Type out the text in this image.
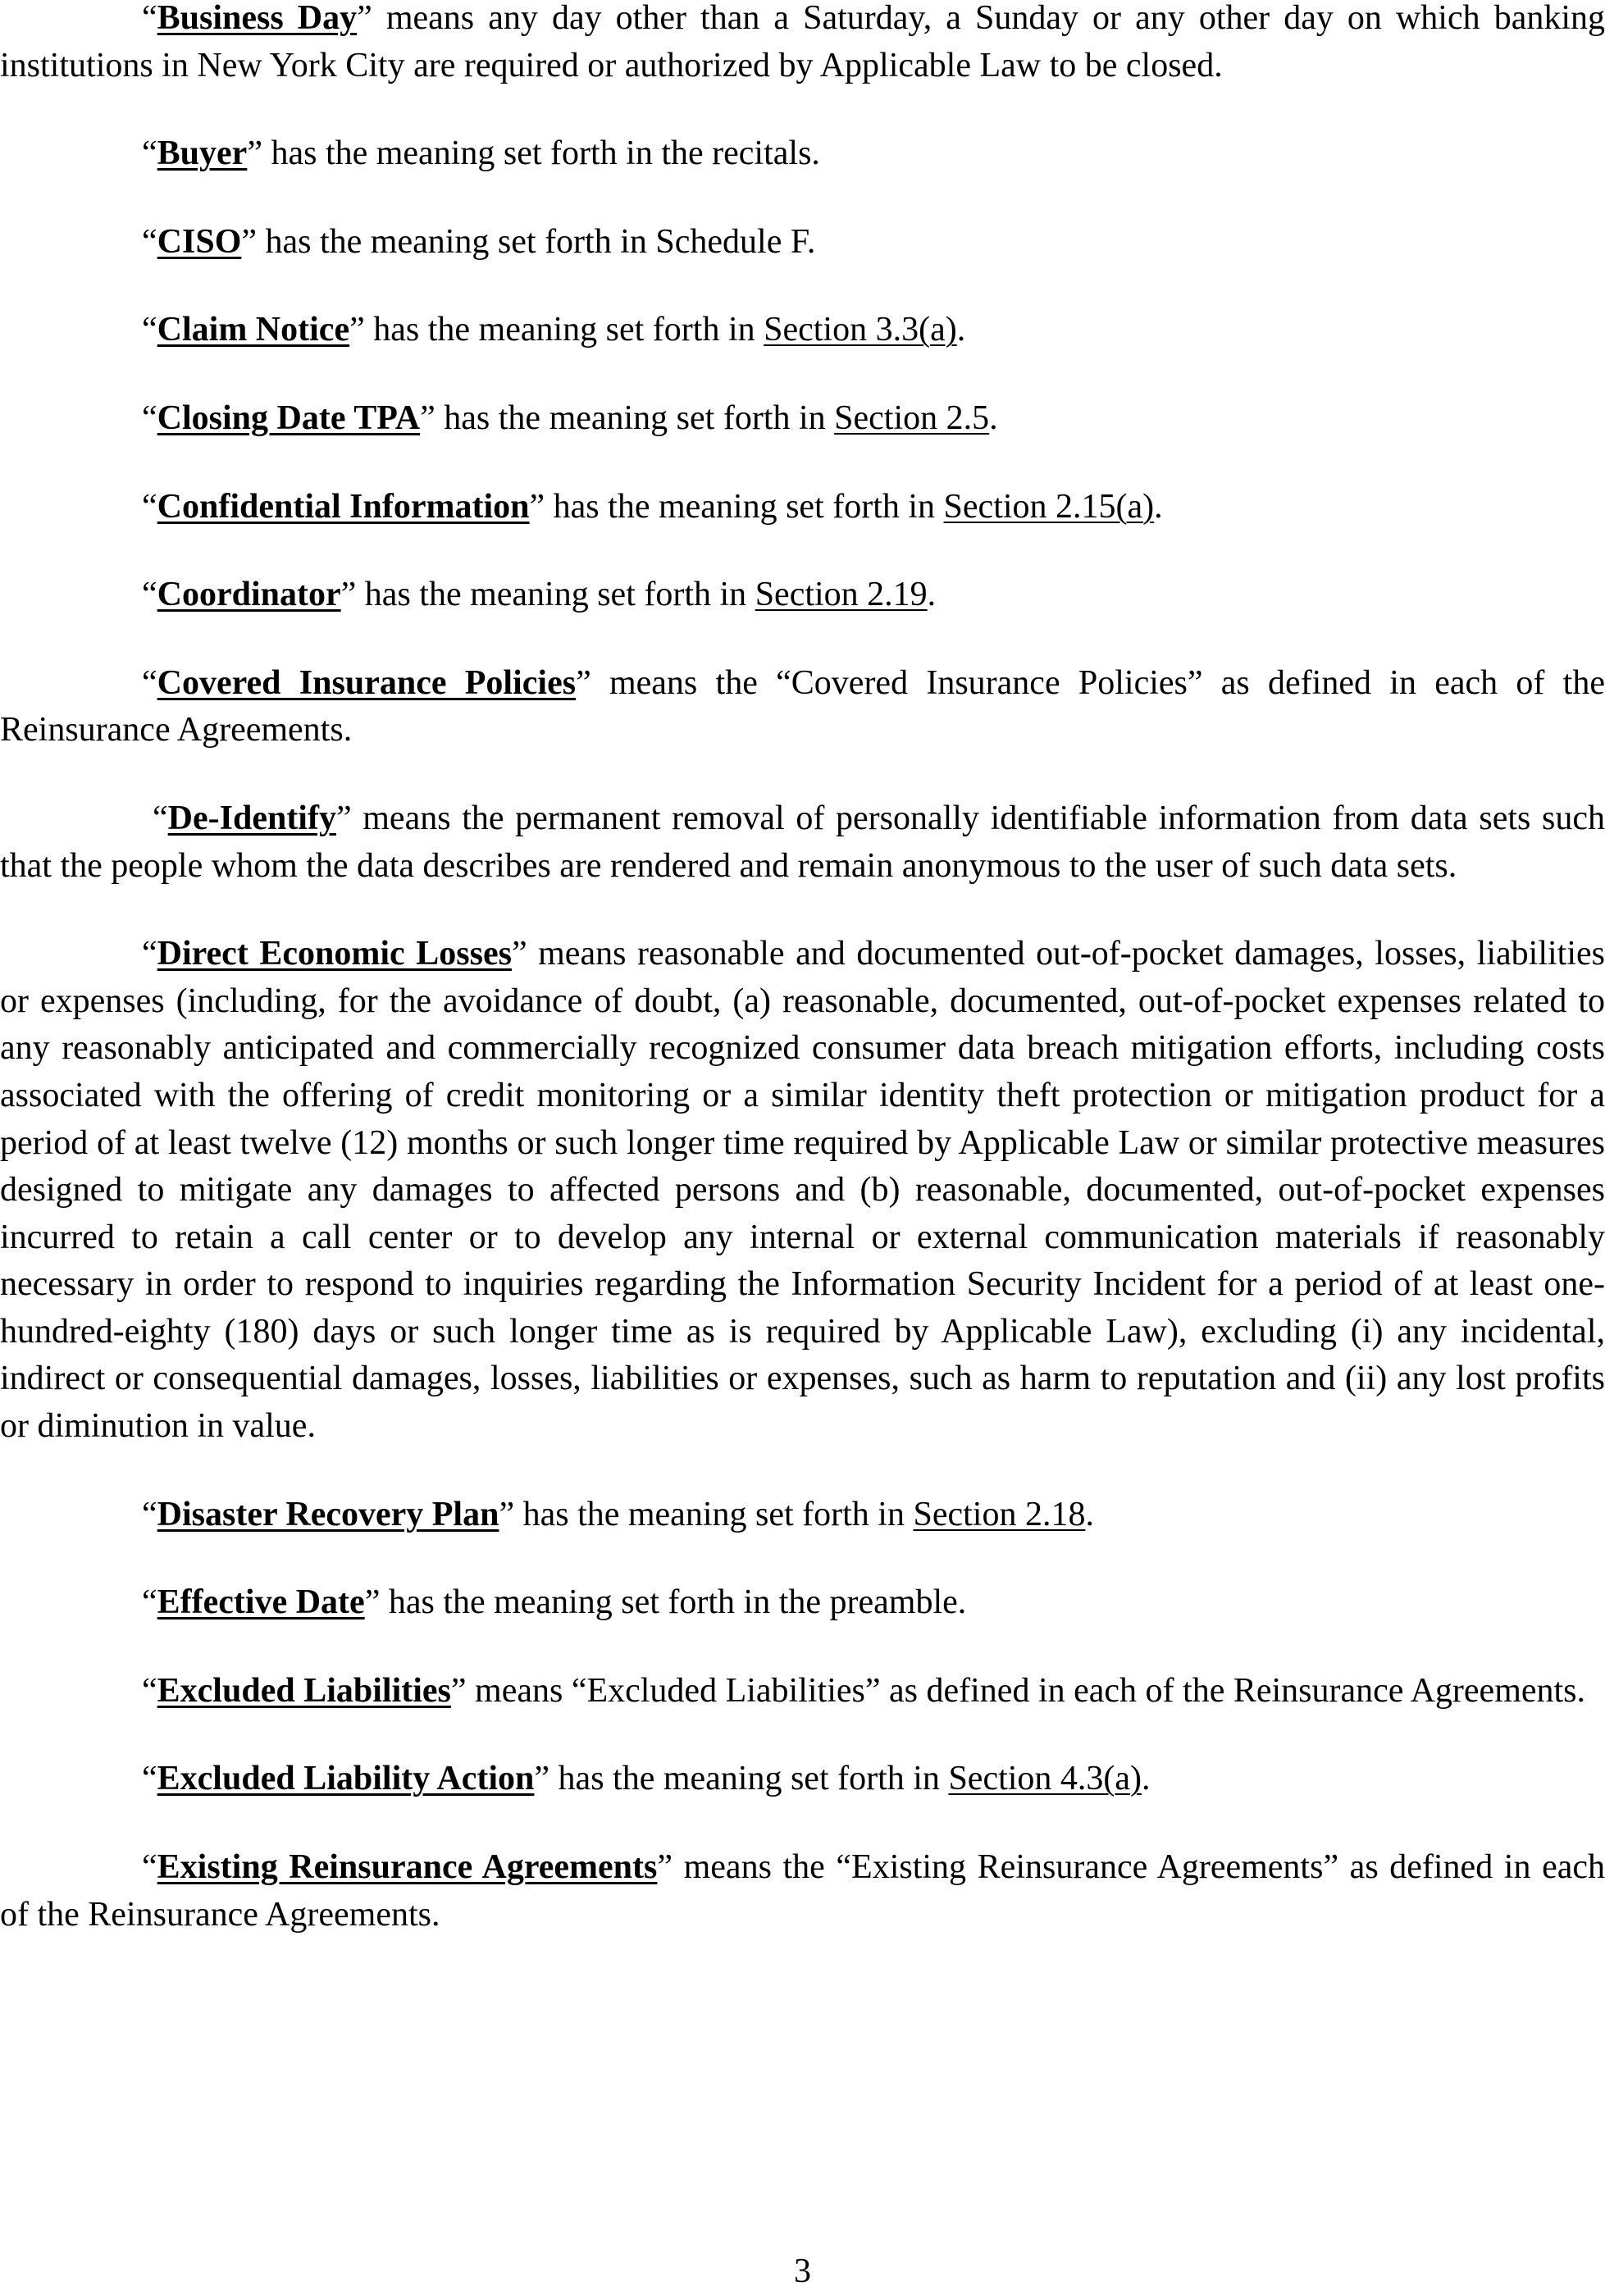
“Business Day” means any day other than a Saturday, a Sunday or any other day on which banking institutions in New York City are required or authorized by Applicable Law to be closed.

“Buyer” has the meaning set forth in the recitals.

“CISO” has the meaning set forth in Schedule F.

“Claim Notice” has the meaning set forth in Section 3.3(a).

“Closing Date TPA” has the meaning set forth in Section 2.5.

“Confidential Information” has the meaning set forth in Section 2.15(a).

“Coordinator” has the meaning set forth in Section 2.19.

“Covered Insurance Policies” means the “Covered Insurance Policies” as defined in each of the Reinsurance Agreements.

“De-Identify” means the permanent removal of personally identifiable information from data sets such that the people whom the data describes are rendered and remain anonymous to the user of such data sets.

“Direct Economic Losses” means reasonable and documented out-of-pocket damages, losses, liabilities or expenses (including, for the avoidance of doubt, (a) reasonable, documented, out-of-pocket expenses related to any reasonably anticipated and commercially recognized consumer data breach mitigation efforts, including costs associated with the offering of credit monitoring or a similar identity theft protection or mitigation product for a period of at least twelve (12) months or such longer time required by Applicable Law or similar protective measures designed to mitigate any damages to affected persons and (b) reasonable, documented, out-of-pocket expenses incurred to retain a call center or to develop any internal or external communication materials if reasonably necessary in order to respond to inquiries regarding the Information Security Incident for a period of at least one-hundred-eighty (180) days or such longer time as is required by Applicable Law), excluding (i) any incidental, indirect or consequential damages, losses, liabilities or expenses, such as harm to reputation and (ii) any lost profits or diminution in value.

“Disaster Recovery Plan” has the meaning set forth in Section 2.18.

“Effective Date” has the meaning set forth in the preamble.

“Excluded Liabilities” means “Excluded Liabilities” as defined in each of the Reinsurance Agreements.

“Excluded Liability Action” has the meaning set forth in Section 4.3(a).

“Existing Reinsurance Agreements” means the “Existing Reinsurance Agreements” as defined in each of the Reinsurance Agreements.

3
